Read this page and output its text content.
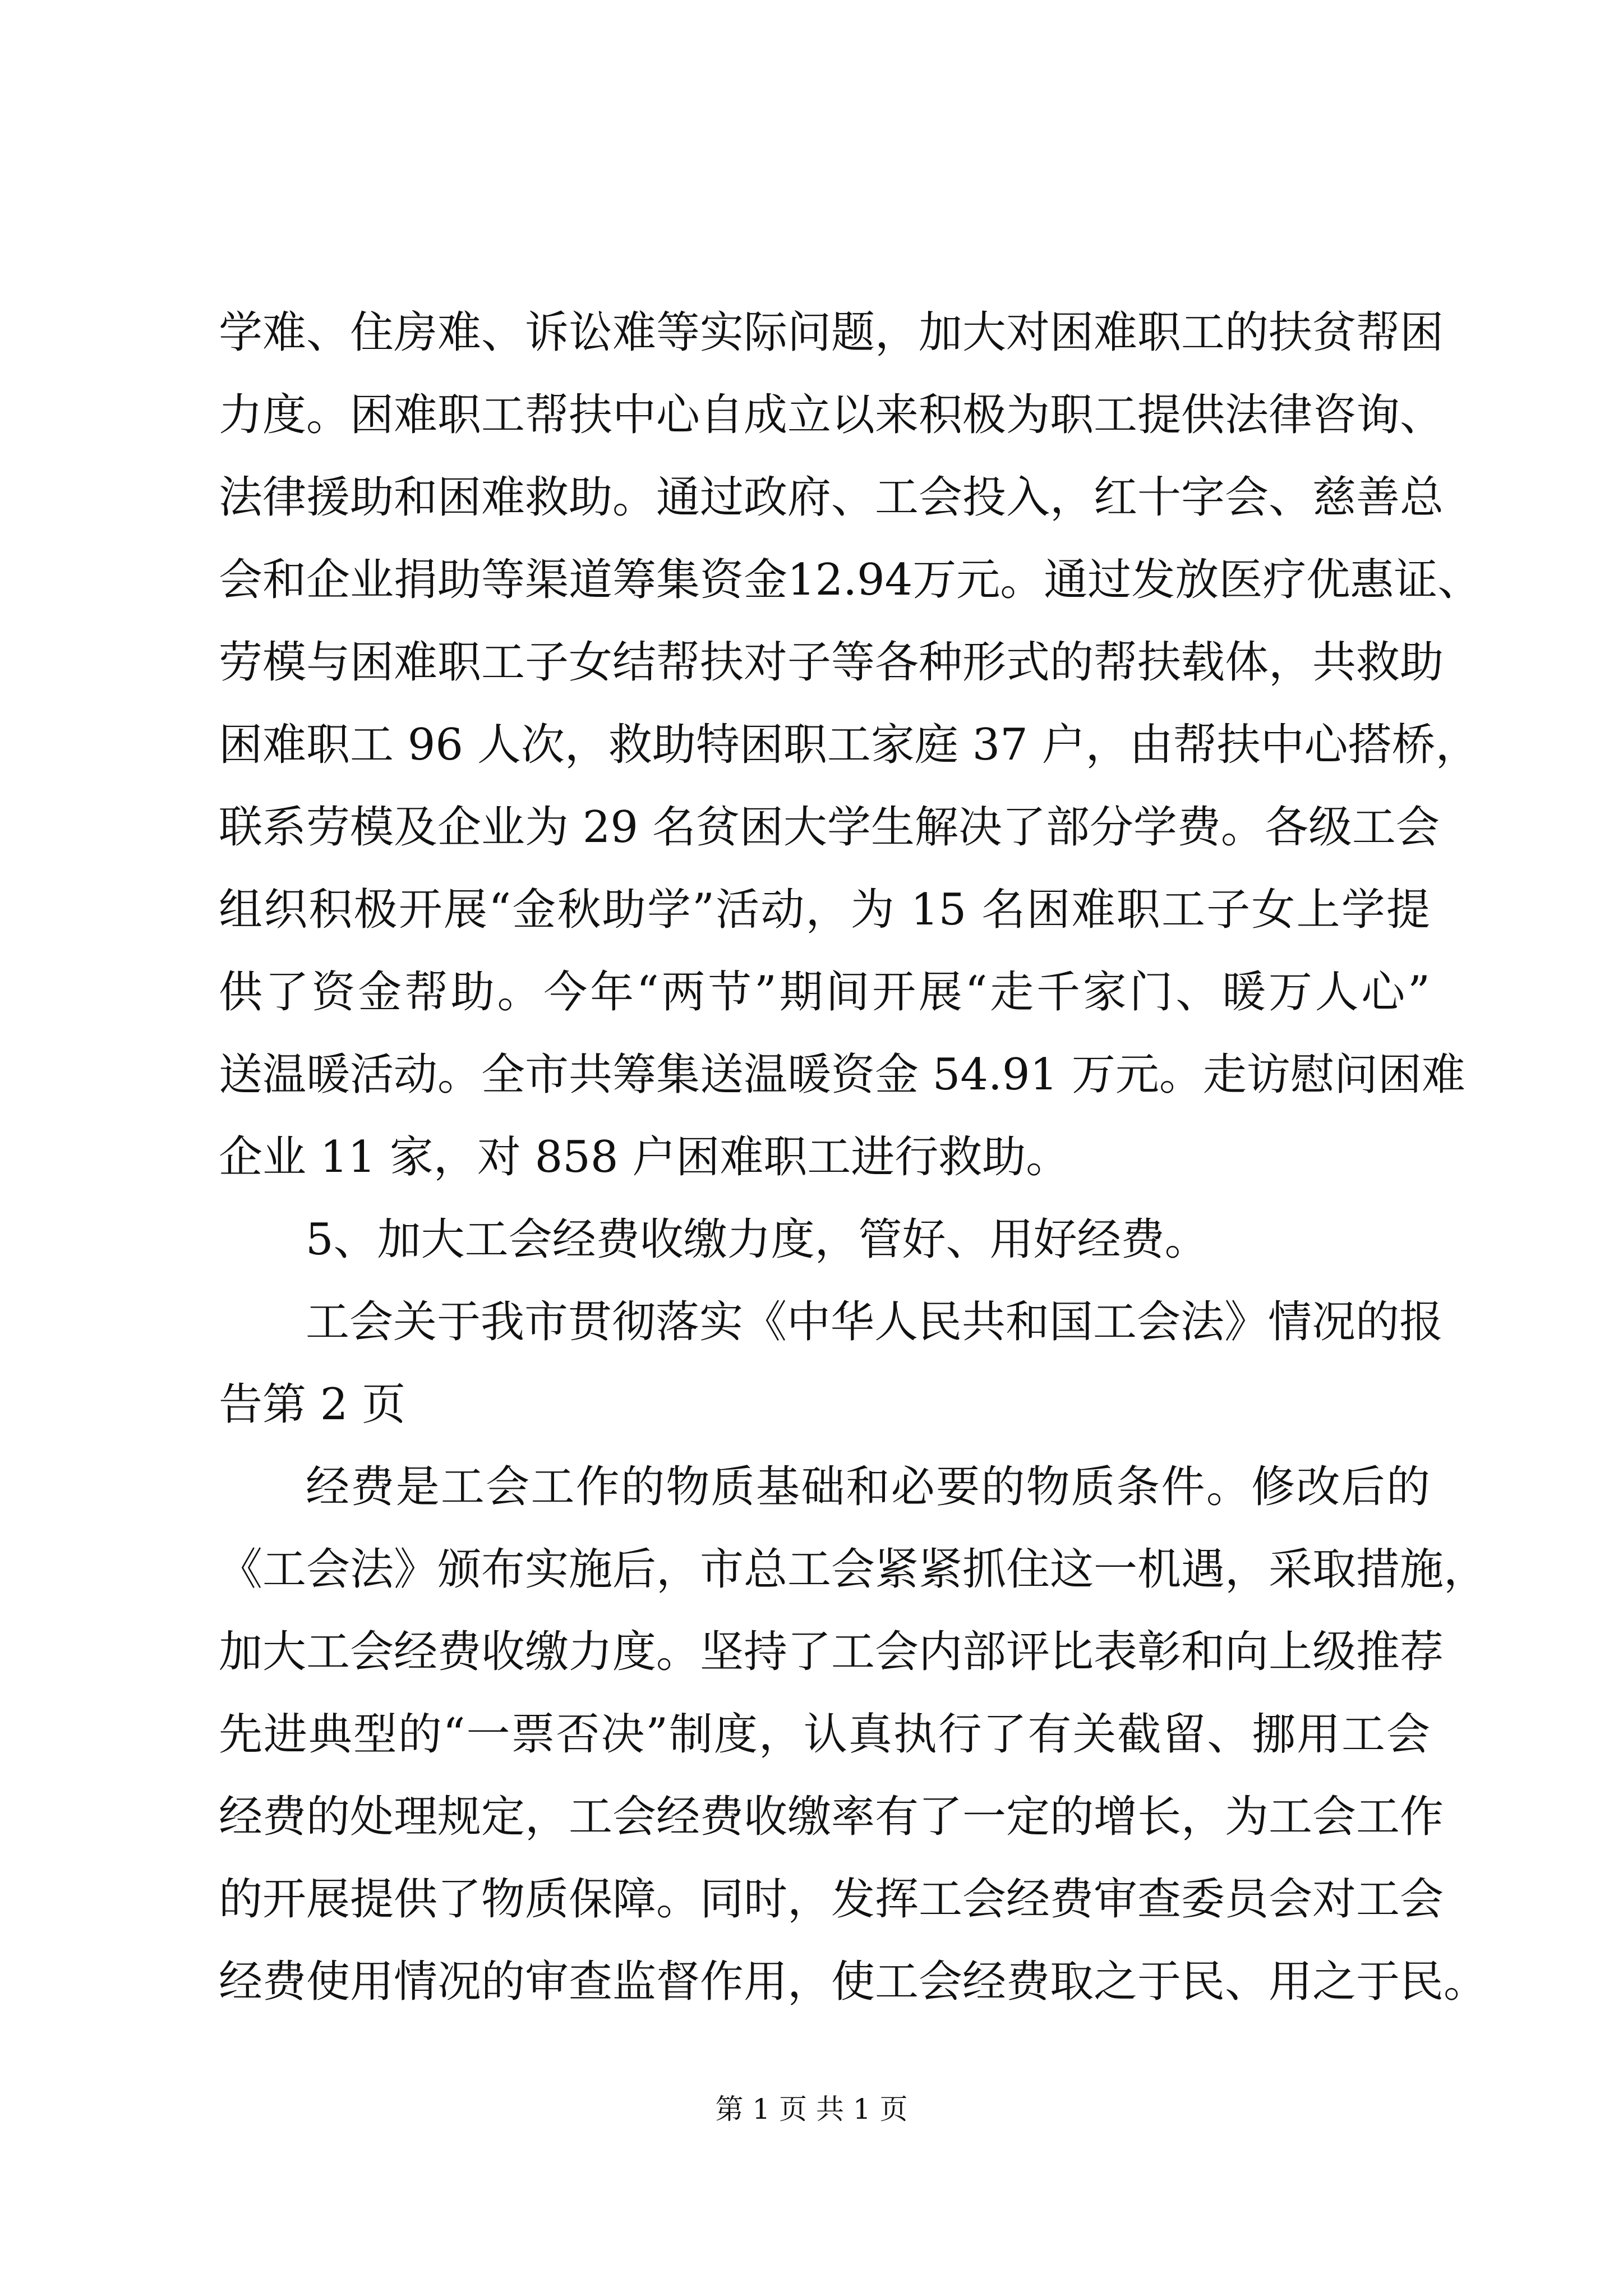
学难、住房难、诉讼难等实际问题，加大对困难职工的扶贫帮困
力度。困难职工帮扶中心自成立以来积极为职工提供法律咨询、
法律援助和困难救助。通过政府、工会投入，红十字会、慈善总
会和企业捐助等渠道筹集资金12.94万元。通过发放医疗优惠证、
劳模与困难职工子女结帮扶对子等各种形式的帮扶载体，共救助
困难职工 96 人次，救助特困职工家庭 37 户，由帮扶中心搭桥，
联系劳模及企业为 29 名贫困大学生解决了部分学费。各级工会
组织积极开展“金秋助学”活动，为 15 名困难职工子女上学提
供了资金帮助。今年“两节”期间开展“走千家门、暖万人心”
送温暖活动。全市共筹集送温暖资金 54.91 万元。走访慰问困难
企业 11 家，对 858 户困难职工进行救助。
5、加大工会经费收缴力度，管好、用好经费。
工会关于我市贯彻落实《中华人民共和国工会法》情况的报
告第 2 页
经费是工会工作的物质基础和必要的物质条件。修改后的
《工会法》颁布实施后，市总工会紧紧抓住这一机遇，采取措施，
加大工会经费收缴力度。坚持了工会内部评比表彰和向上级推荐
先进典型的“一票否决”制度，认真执行了有关截留、挪用工会
经费的处理规定，工会经费收缴率有了一定的增长，为工会工作
的开展提供了物质保障。同时，发挥工会经费审查委员会对工会
经费使用情况的审查监督作用，使工会经费取之于民、用之于民。
第 1 页 共 1 页
